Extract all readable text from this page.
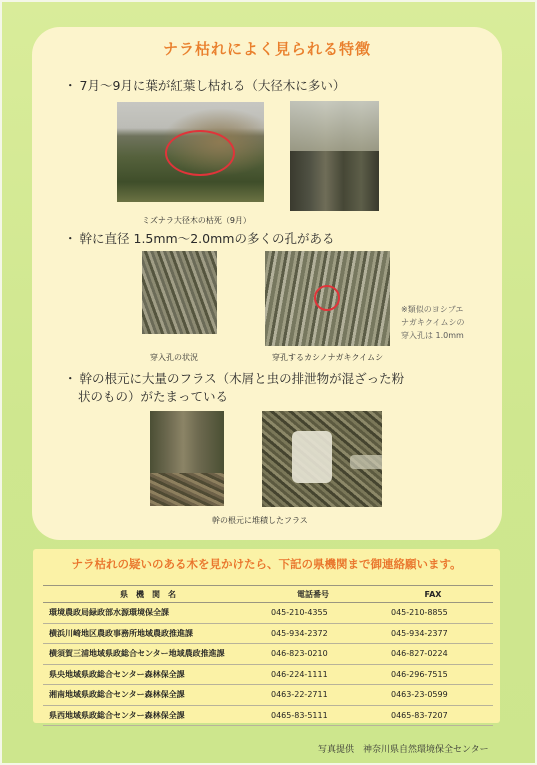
ナラ枯れによく見られる特徴
・ 7月～9月に葉が紅葉し枯れる（大径木に多い）
ミズナラ大径木の枯死（9月）
・ 幹に直径 1.5mm～2.0mmの多くの孔がある
穿入孔の状況	穿孔するカシノナガキクイムシ
※類似のヨシブエ
ナガキクイムシの
穿入孔は 1.0mm
・ 幹の根元に大量のフラス（木屑と虫の排泄物が混ざった粉
状のもの）がたまっている
幹の根元に堆積したフラス
ナラ枯れの疑いのある木を見かけたら、下記の県機関まで御連絡願います。
県　機　関　名	電話番号	FAX
環境農政局緑政部水源環境保全課	045-210-4355	045-210-8855
横浜川崎地区農政事務所地域農政推進課	045-934-2372	045-934-2377
横須賀三浦地域県政総合センター地域農政推進課	046-823-0210	046-827-0224
県央地域県政総合センター森林保全課	046-224-1111	046-296-7515
湘南地域県政総合センター森林保全課	0463-22-2711	0463-23-0599
県西地域県政総合センター森林保全課	0465-83-5111	0465-83-7207
写真提供　神奈川県自然環境保全センター
